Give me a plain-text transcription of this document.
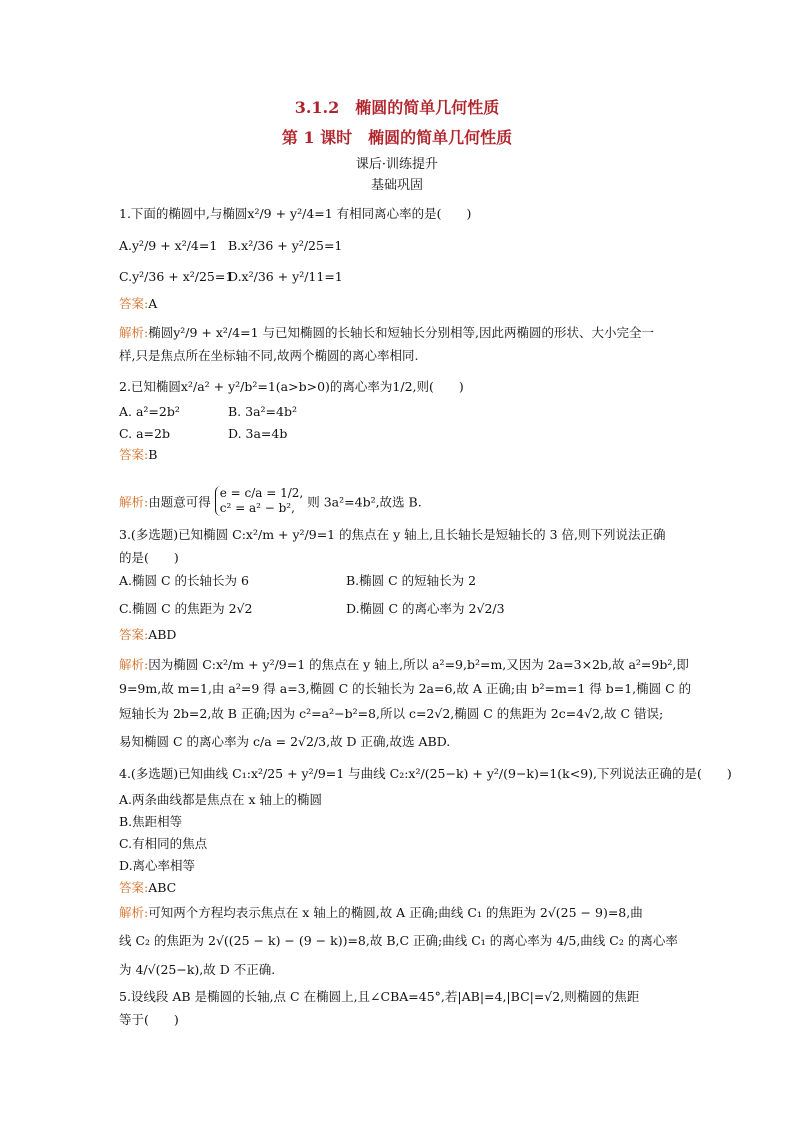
3.1.2　椭圆的简单几何性质
第 1 课时　椭圆的简单几何性质
课后·训练提升
基础巩固
1.下面的椭圆中,与椭圆x²/9 + y²/4=1 有相同离心率的是(　　)
A.y²/9 + x²/4=1 B.x²/36 + y²/25=1
C.y²/36 + x²/25=1
D.x²/36 + y²/11=1
答案:A
解析:椭圆y²/9 + x²/4=1 与已知椭圆的长轴长和短轴长分别相等,因此两椭圆的形状、大小完全一
样,只是焦点所在坐标轴不同,故两个椭圆的离心率相同.
2.已知椭圆x²/a² + y²/b²=1(a>b>0)的离心率为1/2,则(　　)
A. a²=2b²	B. 3a²=4b²
C. a=2b	D. 3a=4b
答案:B
解析:由题意可得
e = c/a = 1/2,
c² = a² − b², 则 3a²=4b²,故选 B.
3.(多选题)已知椭圆 C:x²/m + y²/9=1 的焦点在 y 轴上,且长轴长是短轴长的 3 倍,则下列说法正确
的是(　　)
A.椭圆 C 的长轴长为 6	B.椭圆 C 的短轴长为 2
C.椭圆 C 的焦距为 2√2	D.椭圆 C 的离心率为 2√2/3
答案:ABD
解析:因为椭圆 C:x²/m + y²/9=1 的焦点在 y 轴上,所以 a²=9,b²=m,又因为 2a=3×2b,故 a²=9b²,即
9=9m,故 m=1,由 a²=9 得 a=3,椭圆 C 的长轴长为 2a=6,故 A 正确;由 b²=m=1 得 b=1,椭圆 C 的
短轴长为 2b=2,故 B 正确;因为 c²=a²−b²=8,所以 c=2√2,椭圆 C 的焦距为 2c=4√2,故 C 错误;
易知椭圆 C 的离心率为 c/a = 2√2/3,故 D 正确,故选 ABD.
4.(多选题)已知曲线 C₁:x²/25 + y²/9=1 与曲线 C₂:x²/(25−k) + y²/(9−k)=1(k<9),下列说法正确的是(　　)
A.两条曲线都是焦点在 x 轴上的椭圆
B.焦距相等
C.有相同的焦点
D.离心率相等
答案:ABC
解析:可知两个方程均表示焦点在 x 轴上的椭圆,故 A 正确;曲线 C₁ 的焦距为 2√(25 − 9)=8,曲
线 C₂ 的焦距为 2√((25 − k) − (9 − k))=8,故 B,C 正确;曲线 C₁ 的离心率为 4/5,曲线 C₂ 的离心率
为 4/√(25−k),故 D 不正确.
5.设线段 AB 是椭圆的长轴,点 C 在椭圆上,且∠CBA=45°,若|AB|=4,|BC|=√2,则椭圆的焦距
等于(　　)
